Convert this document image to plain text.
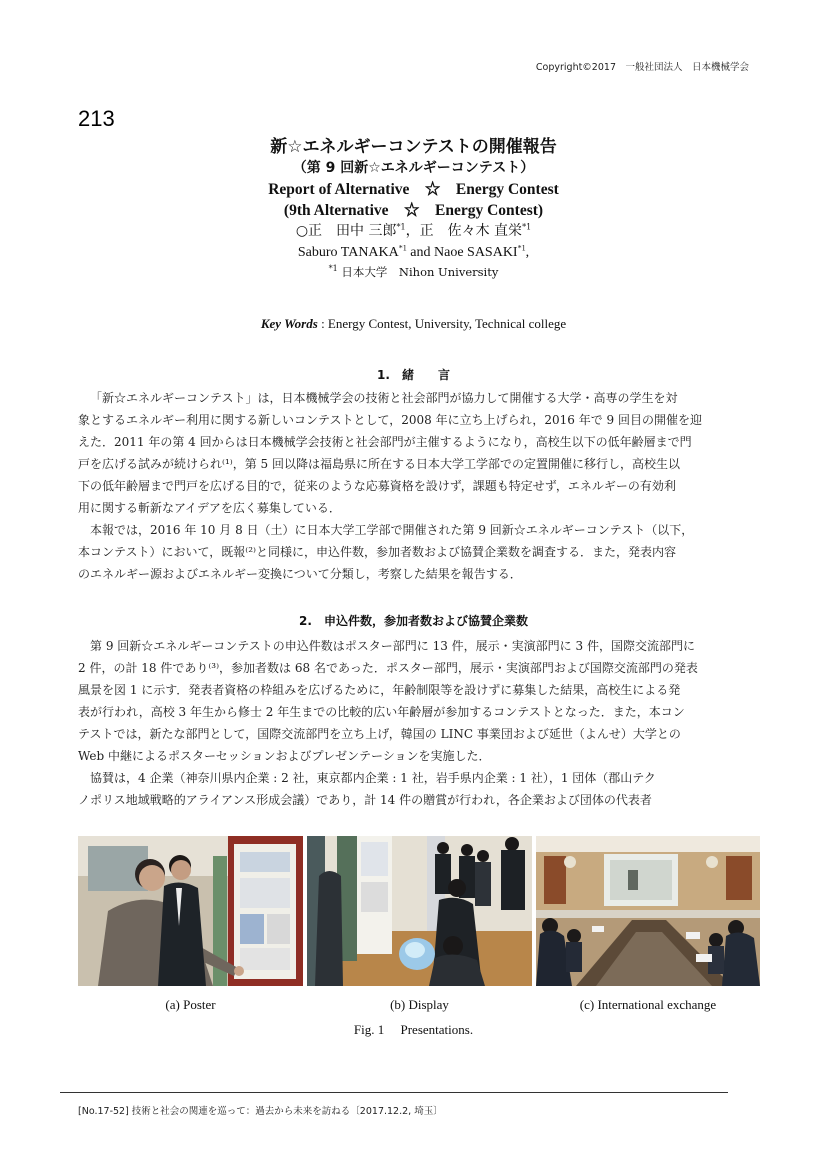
Copyright©2017　一般社団法人　日本機械学会
213

新☆エネルギーコンテストの開催報告

（第 9 回新☆エネルギーコンテスト）

Report of Alternative　☆　Energy Contest

(9th Alternative　☆　Energy Contest)

○正　田中 三郎$^{*1}$，正　佐々木 直栄$^{*1}$

Saburo TANAKA$^{*1}$ and Naoe SASAKI$^{*1}$,

$^{*1}$ 日本大学　Nihon University

Key Words : Energy Contest, University, Technical college
1.　緒　　言
「新☆エネルギーコンテスト」は，日本機械学会の技術と社会部門が協力して開催する大学・高専の学生を対
象とするエネルギー利用に関する新しいコンテストとして，2008 年に立ち上げられ，2016 年で 9 回目の開催を迎
えた．2011 年の第 4 回からは日本機械学会技術と社会部門が主催するようになり，高校生以下の低年齢層まで門
戸を広げる試みが続けられ⁽¹⁾，第 5 回以降は福島県に所在する日本大学工学部での定置開催に移行し，高校生以
下の低年齢層まで門戸を広げる目的で，従来のような応募資格を設けず，課題も特定せず，エネルギーの有効利
用に関する斬新なアイデアを広く募集している．
本報では，2016 年 10 月 8 日（土）に日本大学工学部で開催された第 9 回新☆エネルギーコンテスト（以下，
本コンテスト）において，既報⁽²⁾と同様に，申込件数，参加者数および協賛企業数を調査する．また，発表内容
のエネルギー源およびエネルギー変換について分類し，考察した結果を報告する．
2.　申込件数，参加者数および協賛企業数
第 9 回新☆エネルギーコンテストの申込件数はポスター部門に 13 件，展示・実演部門に 3 件，国際交流部門に
2 件，の計 18 件であり⁽³⁾，参加者数は 68 名であった．ポスター部門，展示・実演部門および国際交流部門の発表
風景を図 1 に示す．発表者資格の枠組みを広げるために，年齢制限等を設けずに募集した結果，高校生による発
表が行われ，高校 3 年生から修士 2 年生までの比較的広い年齢層が参加するコンテストとなった．また，本コン
テストでは，新たな部門として，国際交流部門を立ち上げ，韓国の LINC 事業団および延世（よんせ）大学との
Web 中継によるポスターセッションおよびプレゼンテーションを実施した．
協賛は，4 企業（神奈川県内企業 : 2 社，東京都内企業 : 1 社，岩手県内企業 : 1 社），1 団体（郡山テク
ノポリス地域戦略的アライアンス形成会議）であり，計 14 件の贈賞が行われ，各企業および団体の代表者
(a) Poster	(b) Display	(c) International exchange
Fig. 1　 Presentations.
[No.17-52] 技術と社会の関連を巡って：過去から未来を訪ねる〔2017.12.2, 埼玉〕
